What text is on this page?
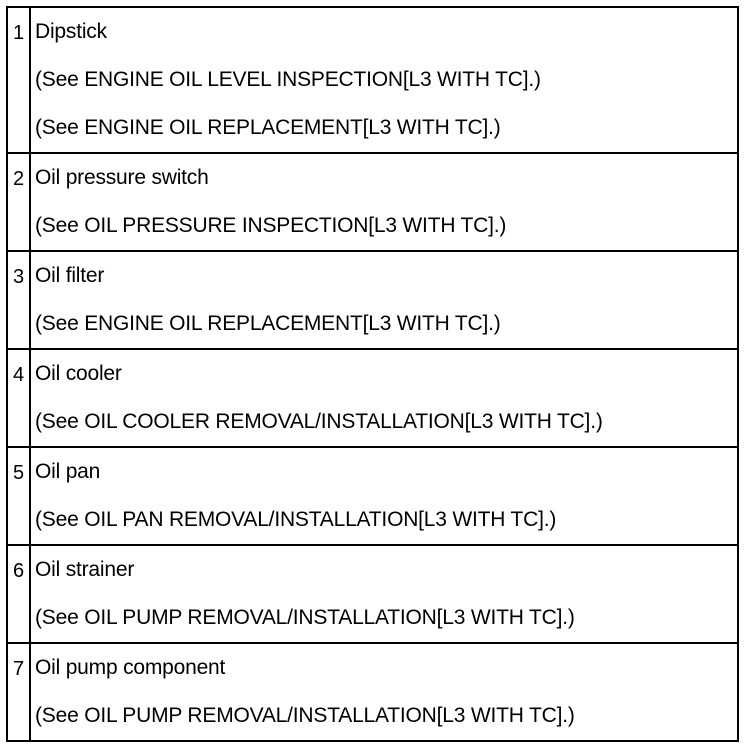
1	Dipstick
(See ENGINE OIL LEVEL INSPECTION[L3 WITH TC].)
(See ENGINE OIL REPLACEMENT[L3 WITH TC].)

2	Oil pressure switch
(See OIL PRESSURE INSPECTION[L3 WITH TC].)

3	Oil filter
(See ENGINE OIL REPLACEMENT[L3 WITH TC].)

4	Oil cooler
(See OIL COOLER REMOVAL/INSTALLATION[L3 WITH TC].)

5	Oil pan
(See OIL PAN REMOVAL/INSTALLATION[L3 WITH TC].)

6	Oil strainer
(See OIL PUMP REMOVAL/INSTALLATION[L3 WITH TC].)

7	Oil pump component
(See OIL PUMP REMOVAL/INSTALLATION[L3 WITH TC].)
